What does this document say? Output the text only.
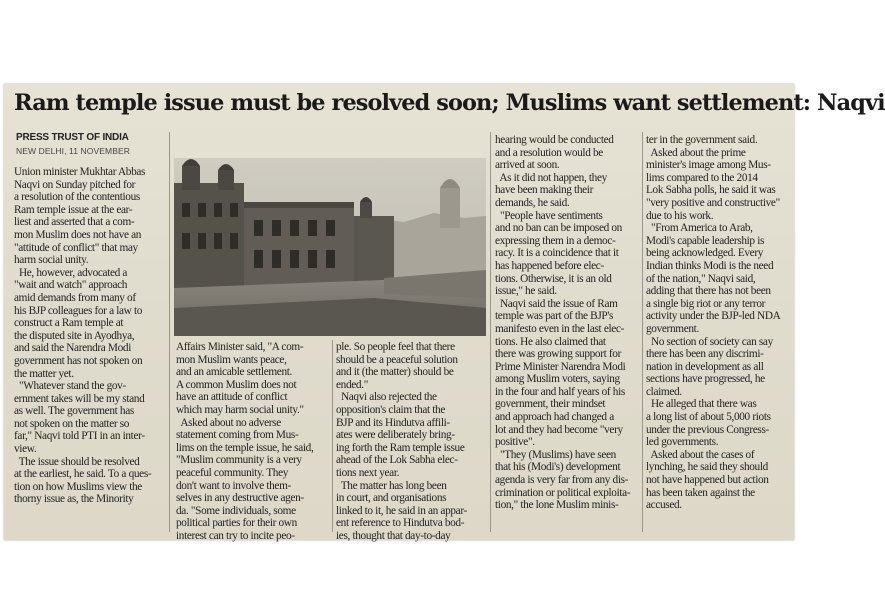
Ram temple issue must be resolved soon; Muslims want settlement: Naqvi
PRESS TRUST OF INDIA
NEW DELHI, 11 NOVEMBER
Union minister Mukhtar Abbas
Naqvi on Sunday pitched for
a resolution of the contentious
Ram temple issue at the ear-
liest and asserted that a com-
mon Muslim does not have an
"attitude of conflict" that may
harm social unity.
He, however, advocated a
"wait and watch" approach
amid demands from many of
his BJP colleagues for a law to
construct a Ram temple at
the disputed site in Ayodhya,
and said the Narendra Modi
government has not spoken on
the matter yet.
"Whatever stand the gov-
ernment takes will be my stand
as well. The government has
not spoken on the matter so
far," Naqvi told PTI in an inter-
view.
The issue should be resolved
at the earliest, he said. To a ques-
tion on how Muslims view the
thorny issue as, the Minority
Affairs Minister said, "A com-
mon Muslim wants peace,
and an amicable settlement.
A common Muslim does not
have an attitude of conflict
which may harm social unity."
Asked about no adverse
statement coming from Mus-
lims on the temple issue, he said,
"Muslim community is a very
peaceful community. They
don't want to involve them-
selves in any destructive agen-
da. "Some individuals, some
political parties for their own
interest can try to incite peo-
ple. So people feel that there
should be a peaceful solution
and it (the matter) should be
ended."
Naqvi also rejected the
opposition's claim that the
BJP and its Hindutva affili-
ates were deliberately bring-
ing forth the Ram temple issue
ahead of the Lok Sabha elec-
tions next year.
The matter has long been
in court, and organisations
linked to it, he said in an appar-
ent reference to Hindutva bod-
ies, thought that day-to-day
hearing would be conducted
and a resolution would be
arrived at soon.
As it did not happen, they
have been making their
demands, he said.
"People have sentiments
and no ban can be imposed on
expressing them in a democ-
racy. It is a coincidence that it
has happened before elec-
tions. Otherwise, it is an old
issue," he said.
Naqvi said the issue of Ram
temple was part of the BJP's
manifesto even in the last elec-
tions. He also claimed that
there was growing support for
Prime Minister Narendra Modi
among Muslim voters, saying
in the four and half years of his
government, their mindset
and approach had changed a
lot and they had become "very
positive".
"They (Muslims) have seen
that his (Modi's) development
agenda is very far from any dis-
crimination or political exploita-
tion," the lone Muslim minis-
ter in the government said.
Asked about the prime
minister's image among Mus-
lims compared to the 2014
Lok Sabha polls, he said it was
"very positive and constructive"
due to his work.
"From America to Arab,
Modi's capable leadership is
being acknowledged. Every
Indian thinks Modi is the need
of the nation," Naqvi said,
adding that there has not been
a single big riot or any terror
activity under the BJP-led NDA
government.
No section of society can say
there has been any discrimi-
nation in development as all
sections have progressed, he
claimed.
He alleged that there was
a long list of about 5,000 riots
under the previous Congress-
led governments.
Asked about the cases of
lynching, he said they should
not have happened but action
has been taken against the
accused.
